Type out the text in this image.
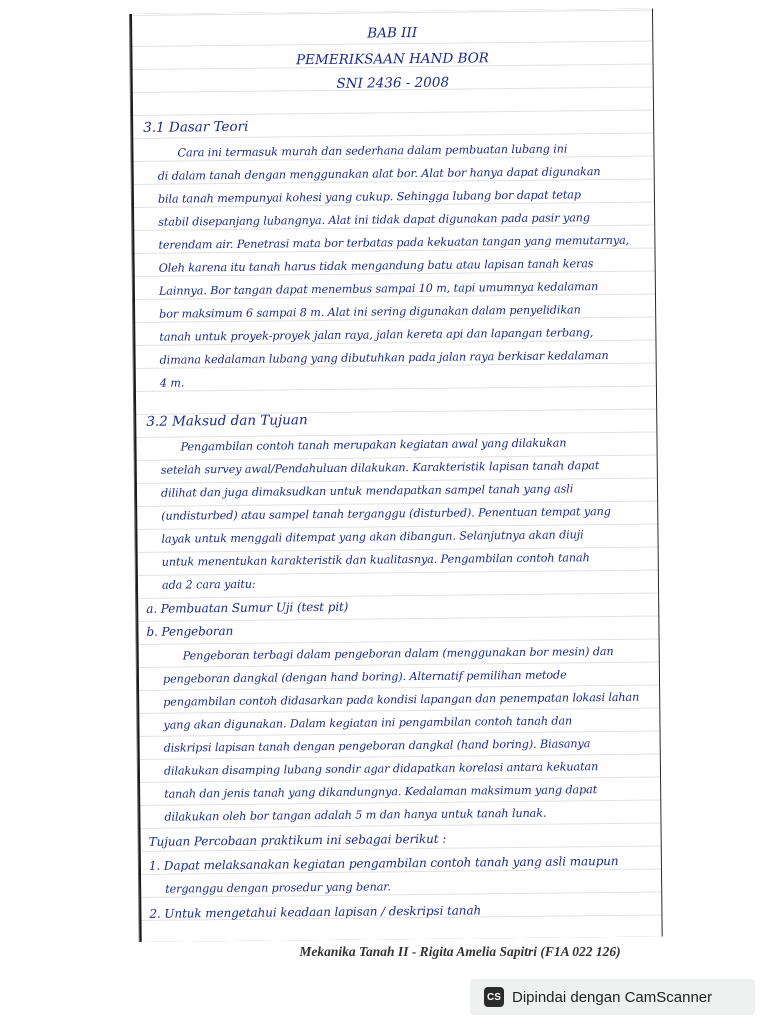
BAB III

PEMERIKSAAN HAND BOR

SNI 2436 - 2008

3.1 Dasar Teori

Cara ini termasuk murah dan sederhana dalam pembuatan lubang ini

di dalam tanah dengan menggunakan alat bor. Alat bor hanya dapat digunakan

bila tanah mempunyai kohesi yang cukup. Sehingga lubang bor dapat tetap

stabil disepanjang lubangnya. Alat ini tidak dapat digunakan pada pasir yang

terendam air. Penetrasi mata bor terbatas pada kekuatan tangan yang memutarnya,

Oleh karena itu tanah harus tidak mengandung batu atau lapisan tanah keras

Lainnya. Bor tangan dapat menembus sampai 10 m, tapi umumnya kedalaman

bor maksimum 6 sampai 8 m. Alat ini sering digunakan dalam penyelidikan

tanah untuk proyek-proyek jalan raya, jalan kereta api dan lapangan terbang,

dimana kedalaman lubang yang dibutuhkan pada jalan raya berkisar kedalaman

4 m.

3.2 Maksud dan Tujuan

Pengambilan contoh tanah merupakan kegiatan awal yang dilakukan

setelah survey awal/Pendahuluan dilakukan. Karakteristik lapisan tanah dapat

dilihat dan juga dimaksudkan untuk mendapatkan sampel tanah yang asli

(undisturbed) atau sampel tanah terganggu (disturbed). Penentuan tempat yang

layak untuk menggali ditempat yang akan dibangun. Selanjutnya akan diuji

untuk menentukan karakteristik dan kualitasnya. Pengambilan contoh tanah

ada 2 cara yaitu:

a. Pembuatan Sumur Uji (test pit)

b. Pengeboran

Pengeboran terbagi dalam pengeboran dalam (menggunakan bor mesin) dan

pengeboran dangkal (dengan hand boring). Alternatif pemilihan metode

pengambilan contoh didasarkan pada kondisi lapangan dan penempatan lokasi lahan

yang akan digunakan. Dalam kegiatan ini pengambilan contoh tanah dan

diskripsi lapisan tanah dengan pengeboran dangkal (hand boring). Biasanya

dilakukan disamping lubang sondir agar didapatkan korelasi antara kekuatan

tanah dan jenis tanah yang dikandungnya. Kedalaman maksimum yang dapat

dilakukan oleh bor tangan adalah 5 m dan hanya untuk tanah lunak.

Tujuan Percobaan praktikum ini sebagai berikut :

1. Dapat melaksanakan kegiatan pengambilan contoh tanah yang asli maupun

terganggu dengan prosedur yang benar.

2. Untuk mengetahui keadaan lapisan / deskripsi tanah

Mekanika Tanah II - Rigita Amelia Sapitri (F1A 022 126)
CS Dipindai dengan CamScanner
